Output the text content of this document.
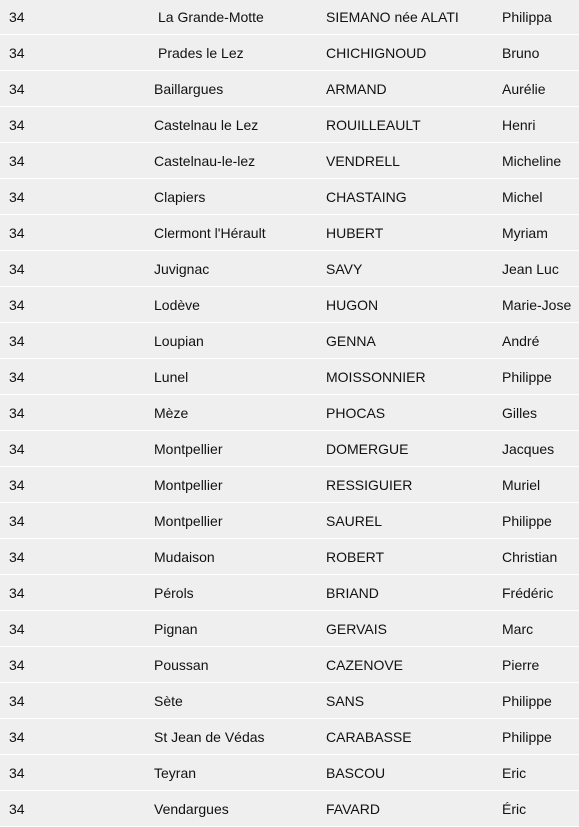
34	La Grande-Motte	SIEMANO née ALATI	Philippa
34	Prades le Lez	CHICHIGNOUD	Bruno
34	Baillargues	ARMAND	Aurélie
34	Castelnau le Lez	ROUILLEAULT	Henri
34	Castelnau-le-lez	VENDRELL	Micheline
34	Clapiers	CHASTAING	Michel
34	Clermont l'Hérault	HUBERT	Myriam
34	Juvignac	SAVY	Jean Luc
34	Lodève	HUGON	Marie-Jose
34	Loupian	GENNA	André
34	Lunel	MOISSONNIER	Philippe
34	Mèze	PHOCAS	Gilles
34	Montpellier	DOMERGUE	Jacques
34	Montpellier	RESSIGUIER	Muriel
34	Montpellier	SAUREL	Philippe
34	Mudaison	ROBERT	Christian
34	Pérols	BRIAND	Frédéric
34	Pignan	GERVAIS	Marc
34	Poussan	CAZENOVE	Pierre
34	Sète	SANS	Philippe
34	St Jean de Védas	CARABASSE	Philippe
34	Teyran	BASCOU	Eric
34	Vendargues	FAVARD	Éric
